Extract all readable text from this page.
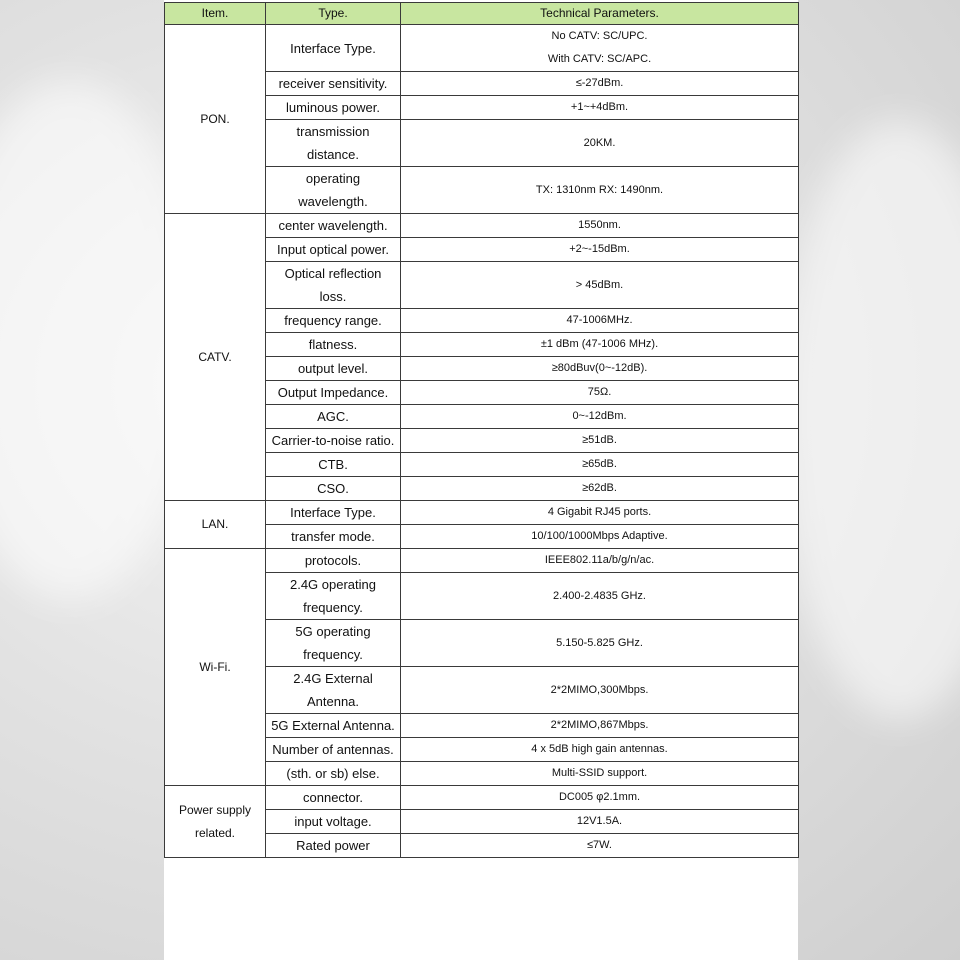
Item.	Type.	Technical Parameters.
PON.	Interface Type.	No CATV: SC/UPC.
With CATV: SC/APC.

	receiver sensitivity.	≤-27dBm.

	luminous power.	+1~+4dBm.

	transmission distance.	20KM.

	operating wavelength.	TX: 1310nm RX: 1490nm.

CATV.	center wavelength.	1550nm.

	Input optical power.	+2~-15dBm.

	Optical reflection loss.	> 45dBm.

	frequency range.	47-1006MHz.

	flatness.	±1 dBm (47-1006 MHz).

	output level.	≥80dBuv(0~-12dB).

	Output Impedance.	75Ω.

	AGC.	0~-12dBm.

	Carrier-to-noise ratio.	≥51dB.

	CTB.	≥65dB.

	CSO.	≥62dB.

LAN.	Interface Type.	4 Gigabit RJ45 ports.

	transfer mode.	10/100/1000Mbps Adaptive.

Wi-Fi.	protocols.	IEEE802.11a/b/g/n/ac.

	2.4G operating frequency.	2.400-2.4835 GHz.

	5G operating frequency.	5.150-5.825 GHz.

	2.4G External Antenna.	2*2MIMO,300Mbps.

	5G External Antenna.	2*2MIMO,867Mbps.

	Number of antennas.	4 x 5dB high gain antennas.

	(sth. or sb) else.	Multi-SSID support.

Power supply related.	connector.	DC005 φ2.1mm.

	input voltage.	12V1.5A.

	Rated power	≤7W.
